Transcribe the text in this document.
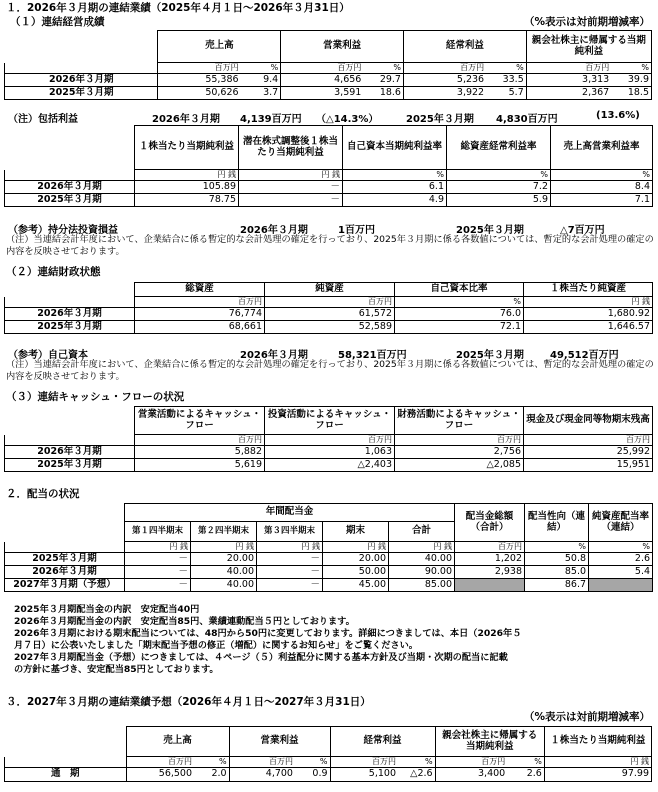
１．2026年３月期の連結業績（2025年４月１日～2026年３月31日）
（１）連結経営成績	（%表示は対前期増減率）
	売上高		営業利益		経常利益		親会社株主に帰属する当期純利益	
	百万円	%	百万円	%	百万円	%	百万円	%
2026年３月期	55,386	9.4	4,656	29.7	5,236	33.5	3,313	39.9
2025年３月期	50,626	3.7	3,591	18.6	3,922	5.7	2,367	18.5
（注）包括利益	2026年３月期 4,139百万円 （△14.3%）	2025年３月期 4,830百万円	(13.6%)
	１株当たり当期純利益	潜在株式調整後１株当たり当期純利益	自己資本当期純利益率	総資産経常利益率	売上高営業利益率
	円 銭	円 銭	%	%	%
2026年３月期	105.89	－	6.1	7.2	8.4
2025年３月期	78.75	－	4.9	5.9	7.1
（参考）持分法投資損益	2026年３月期	1百万円	2025年３月期	△7百万円
（注）当連結会計年度において、企業結合に係る暫定的な会計処理の確定を行っており、2025年３月期に係る各数値については、暫定的な会計処理の確定の内容を反映させております。
（２）連結財政状態
	総資産	純資産	自己資本比率	１株当たり純資産
	百万円	百万円	%	円 銭
2026年３月期	76,774	61,572	76.0	1,680.92
2025年３月期	68,661	52,589	72.1	1,646.57
（参考）自己資本	2026年３月期	58,321百万円	2025年３月期	49,512百万円
（注）当連結会計年度において、企業結合に係る暫定的な会計処理の確定を行っており、2025年３月期に係る各数値については、暫定的な会計処理の確定の内容を反映させております。
（３）連結キャッシュ・フローの状況
	営業活動によるキャッシュ・フロー	投資活動によるキャッシュ・フロー	財務活動によるキャッシュ・フロー	現金及び現金同等物期末残高
	百万円	百万円	百万円	百万円
2026年３月期	5,882	1,063	2,756	25,992
2025年３月期	5,619	△2,403	△2,085	15,951
２．配当の状況
	年間配当金					配当金総額（合計）	配当性向（連結）	純資産配当率（連結）
	第１四半期末	第２四半期末	第３四半期末	期末	合計			
	円 銭	円 銭	円 銭	円 銭	円 銭	百万円	%	%
2025年３月期	－	20.00	－	20.00	40.00	1,202	50.8	2.6
2026年３月期	－	40.00	－	50.00	90.00	2,938	85.0	5.4
2027年３月期（予想）	－	40.00	－	45.00	85.00		86.7	
2025年３月期配当金の内訳　安定配当40円
2026年３月期配当金の内訳　安定配当85円、業績連動配当５円としております。
2026年３月期における期末配当については、48円から50円に変更しております。詳細につきましては、本日（2026年５
月７日）に公表いたしました「期末配当予想の修正（増配）に関するお知らせ」をご覧ください。
2027年３月期配当金（予想）につきましては、４ページ（５）利益配分に関する基本方針及び当期・次期の配当に記載
の方針に基づき、安定配当85円としております。
３．2027年３月期の連結業績予想（2026年４月１日～2027年３月31日）
（%表示は対前期増減率）
	売上高		営業利益		経常利益		親会社株主に帰属する当期純利益		１株当たり当期純利益
	百万円	%	百万円	%	百万円	%	百万円	%	円 銭
通　期	56,500	2.0	4,700	0.9	5,100	△2.6	3,400	2.6	97.99
